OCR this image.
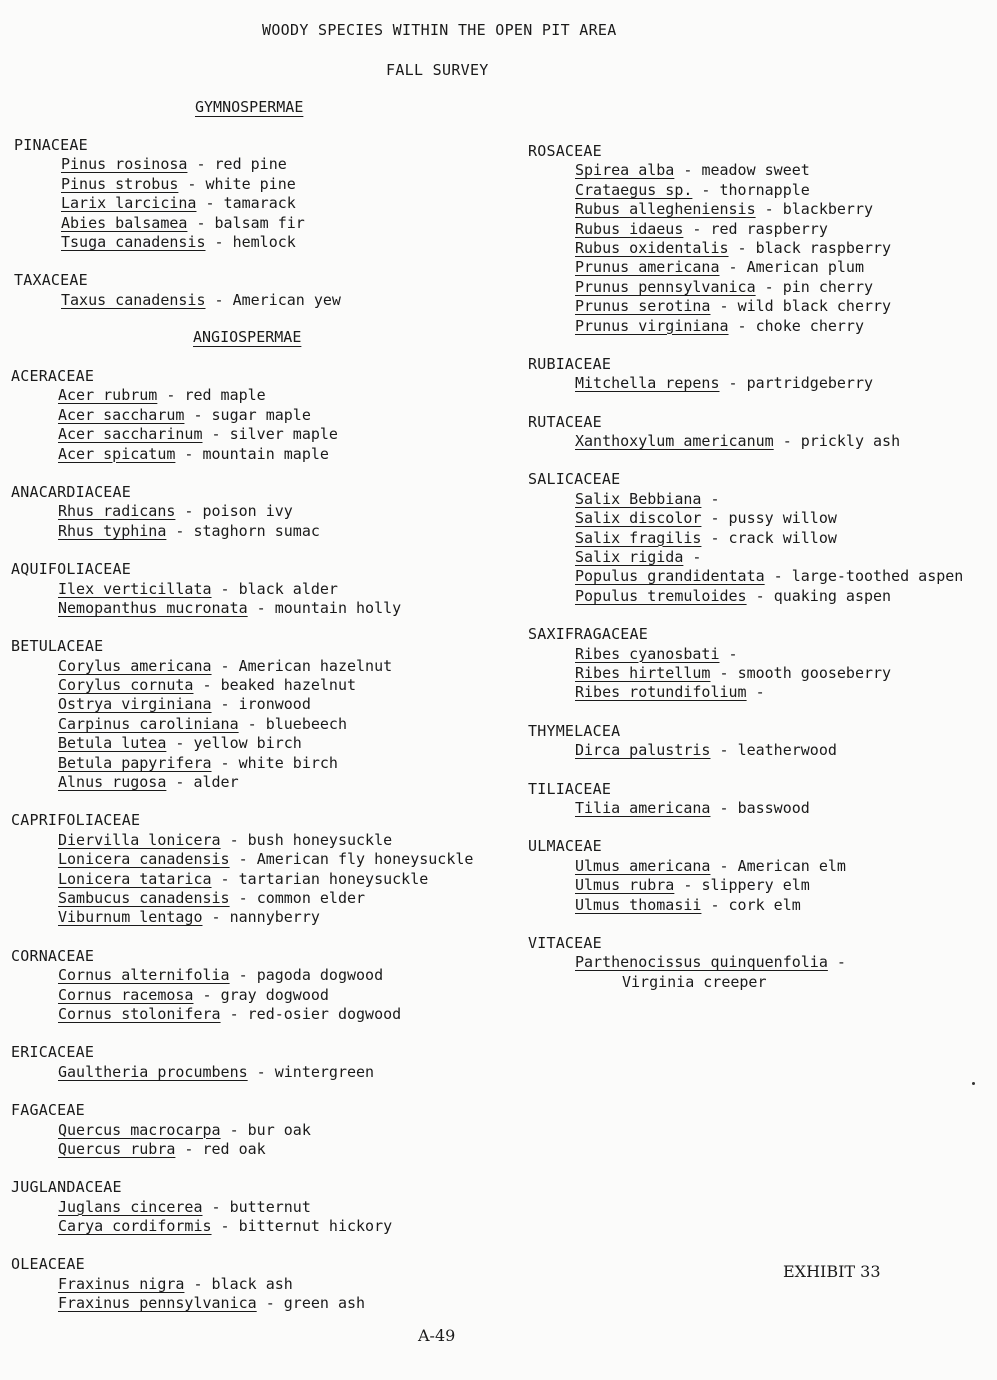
WOODY SPECIES WITHIN THE OPEN PIT AREA
FALL SURVEY
GYMNOSPERMAE
ANGIOSPERMAE
PINACEAE
Pinus rosinosa - red pine
Pinus strobus - white pine
Larix larcicina - tamarack
Abies balsamea - balsam fir
Tsuga canadensis - hemlock
TAXACEAE
Taxus canadensis - American yew
ACERACEAE
Acer rubrum - red maple
Acer saccharum - sugar maple
Acer saccharinum - silver maple
Acer spicatum - mountain maple
ANACARDIACEAE
Rhus radicans - poison ivy
Rhus typhina - staghorn sumac
AQUIFOLIACEAE
Ilex verticillata - black alder
Nemopanthus mucronata - mountain holly
BETULACEAE
Corylus americana - American hazelnut
Corylus cornuta - beaked hazelnut
Ostrya virginiana - ironwood
Carpinus caroliniana - bluebeech
Betula lutea - yellow birch
Betula papyrifera - white birch
Alnus rugosa - alder
CAPRIFOLIACEAE
Diervilla lonicera - bush honeysuckle
Lonicera canadensis - American fly honeysuckle
Lonicera tatarica - tartarian honeysuckle
Sambucus canadensis - common elder
Viburnum lentago - nannyberry
CORNACEAE
Cornus alternifolia - pagoda dogwood
Cornus racemosa - gray dogwood
Cornus stolonifera - red-osier dogwood
ERICACEAE
Gaultheria procumbens - wintergreen
FAGACEAE
Quercus macrocarpa - bur oak
Quercus rubra - red oak
JUGLANDACEAE
Juglans cincerea - butternut
Carya cordiformis - bitternut hickory
OLEACEAE
Fraxinus nigra - black ash
Fraxinus pennsylvanica - green ash
ROSACEAE
Spirea alba - meadow sweet
Crataegus sp. - thornapple
Rubus allegheniensis - blackberry
Rubus idaeus - red raspberry
Rubus oxidentalis - black raspberry
Prunus americana - American plum
Prunus pennsylvanica - pin cherry
Prunus serotina - wild black cherry
Prunus virginiana - choke cherry
RUBIACEAE
Mitchella repens - partridgeberry
RUTACEAE
Xanthoxylum americanum - prickly ash
SALICACEAE
Salix Bebbiana -
Salix discolor - pussy willow
Salix fragilis - crack willow
Salix rigida -
Populus grandidentata - large-toothed aspen
Populus tremuloides - quaking aspen
SAXIFRAGACEAE
Ribes cyanosbati -
Ribes hirtellum - smooth gooseberry
Ribes rotundifolium -
THYMELACEA
Dirca palustris - leatherwood
TILIACEAE
Tilia americana - basswood
ULMACEAE
Ulmus americana - American elm
Ulmus rubra - slippery elm
Ulmus thomasii - cork elm
VITACEAE
Parthenocissus quinquenfolia -
Virginia creeper
EXHIBIT 33
A-49
